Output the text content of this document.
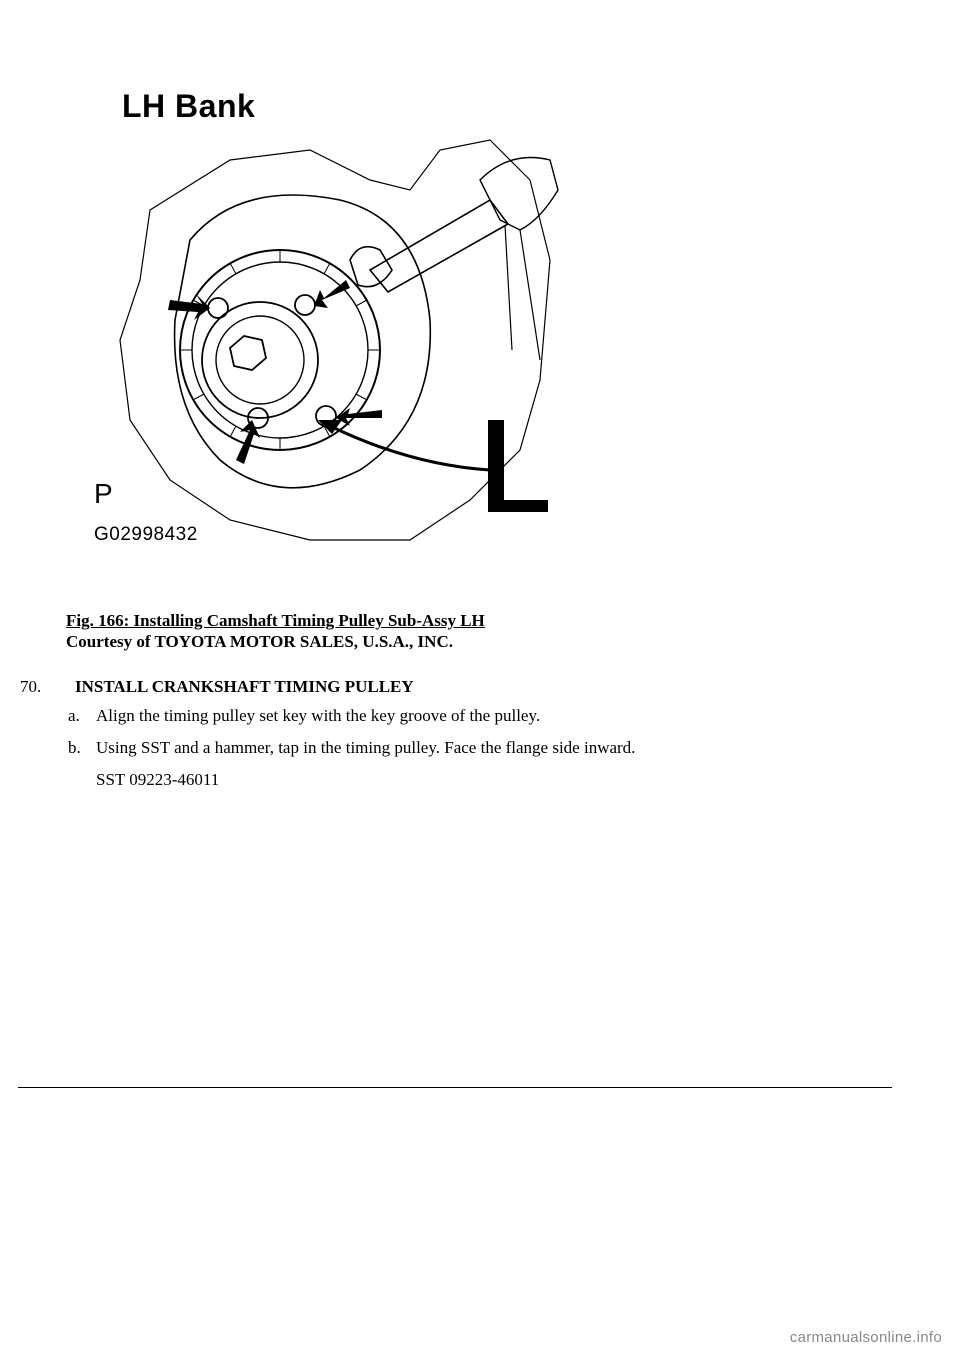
LH Bank
P
G02998432
Fig. 166: Installing Camshaft Timing Pulley Sub-Assy LH
Courtesy of TOYOTA MOTOR SALES, U.S.A., INC.
70. INSTALL CRANKSHAFT TIMING PULLEY
a. Align the timing pulley set key with the key groove of the pulley.
b. Using SST and a hammer, tap in the timing pulley. Face the flange side inward.
SST 09223-46011
carmanualsonline.info
